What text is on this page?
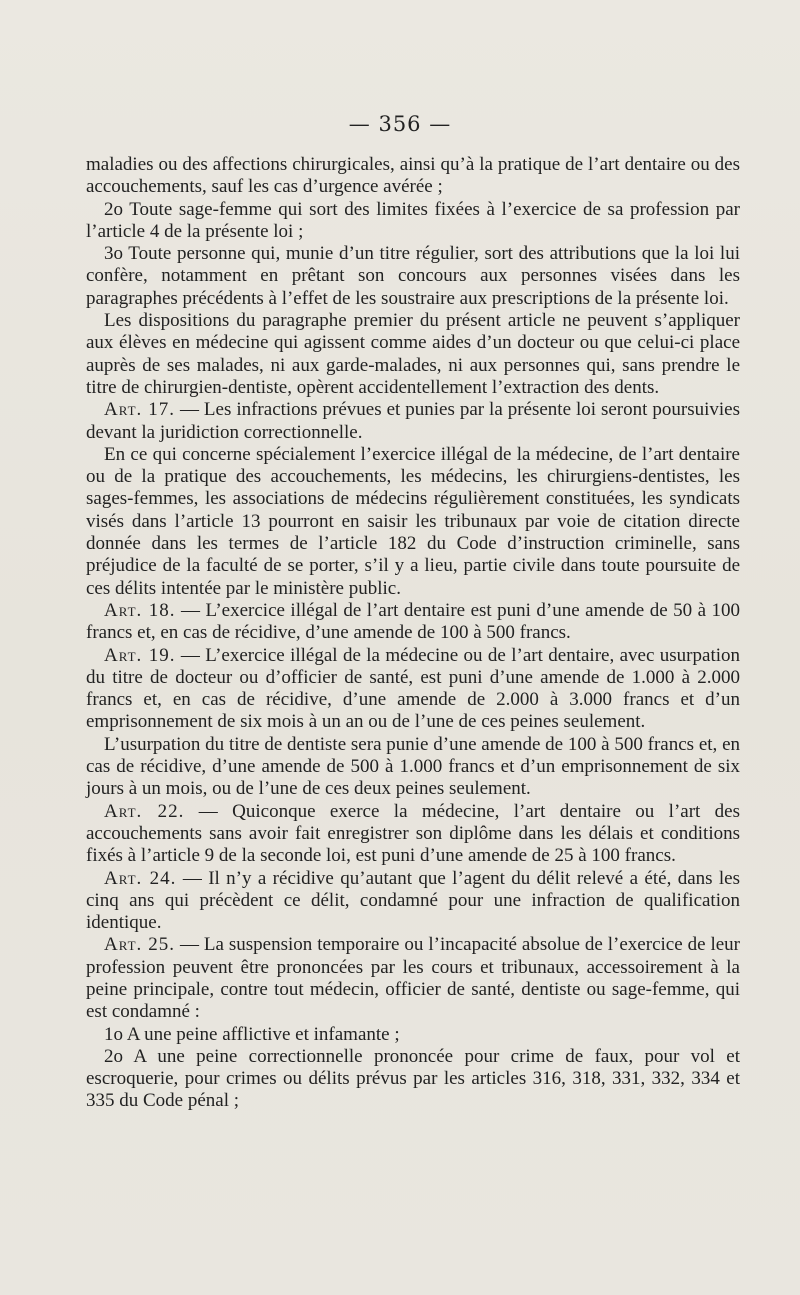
— 356 —

maladies ou des affections chirurgicales, ainsi qu’à la pratique de l’art dentaire ou des accouchements, sauf les cas d’urgence avérée ;

2o Toute sage-femme qui sort des limites fixées à l’exercice de sa profession par l’article 4 de la présente loi ;

3o Toute personne qui, munie d’un titre régulier, sort des attributions que la loi lui confère, notamment en prêtant son concours aux personnes visées dans les paragraphes précédents à l’effet de les soustraire aux prescriptions de la présente loi.

Les dispositions du paragraphe premier du présent article ne peuvent s’appliquer aux élèves en médecine qui agissent comme aides d’un docteur ou que celui-ci place auprès de ses malades, ni aux garde-malades, ni aux personnes qui, sans prendre le titre de chirurgien-dentiste, opèrent accidentellement l’extraction des dents.

Art. 17. — Les infractions prévues et punies par la présente loi seront poursuivies devant la juridiction correctionnelle.

En ce qui concerne spécialement l’exercice illégal de la médecine, de l’art dentaire ou de la pratique des accouchements, les médecins, les chirurgiens-dentistes, les sages-femmes, les associations de médecins régulièrement constituées, les syndicats visés dans l’article 13 pourront en saisir les tribunaux par voie de citation directe donnée dans les termes de l’article 182 du Code d’instruction criminelle, sans préjudice de la faculté de se porter, s’il y a lieu, partie civile dans toute poursuite de ces délits intentée par le ministère public.

Art. 18. — L’exercice illégal de l’art dentaire est puni d’une amende de 50 à 100 francs et, en cas de récidive, d’une amende de 100 à 500 francs.

Art. 19. — L’exercice illégal de la médecine ou de l’art dentaire, avec usurpation du titre de docteur ou d’officier de santé, est puni d’une amende de 1.000 à 2.000 francs et, en cas de récidive, d’une amende de 2.000 à 3.000 francs et d’un emprisonnement de six mois à un an ou de l’une de ces peines seulement.

L’usurpation du titre de dentiste sera punie d’une amende de 100 à 500 francs et, en cas de récidive, d’une amende de 500 à 1.000 francs et d’un emprisonnement de six jours à un mois, ou de l’une de ces deux peines seulement.

Art. 22. — Quiconque exerce la médecine, l’art dentaire ou l’art des accouchements sans avoir fait enregistrer son diplôme dans les délais et conditions fixés à l’article 9 de la seconde loi, est puni d’une amende de 25 à 100 francs.

Art. 24. — Il n’y a récidive qu’autant que l’agent du délit relevé a été, dans les cinq ans qui précèdent ce délit, condamné pour une infraction de qualification identique.

Art. 25. — La suspension temporaire ou l’incapacité absolue de l’exercice de leur profession peuvent être prononcées par les cours et tribunaux, accessoirement à la peine principale, contre tout médecin, officier de santé, dentiste ou sage-femme, qui est condamné :

1o A une peine afflictive et infamante ;

2o A une peine correctionnelle prononcée pour crime de faux, pour vol et escroquerie, pour crimes ou délits prévus par les articles 316, 318, 331, 332, 334 et 335 du Code pénal ;
